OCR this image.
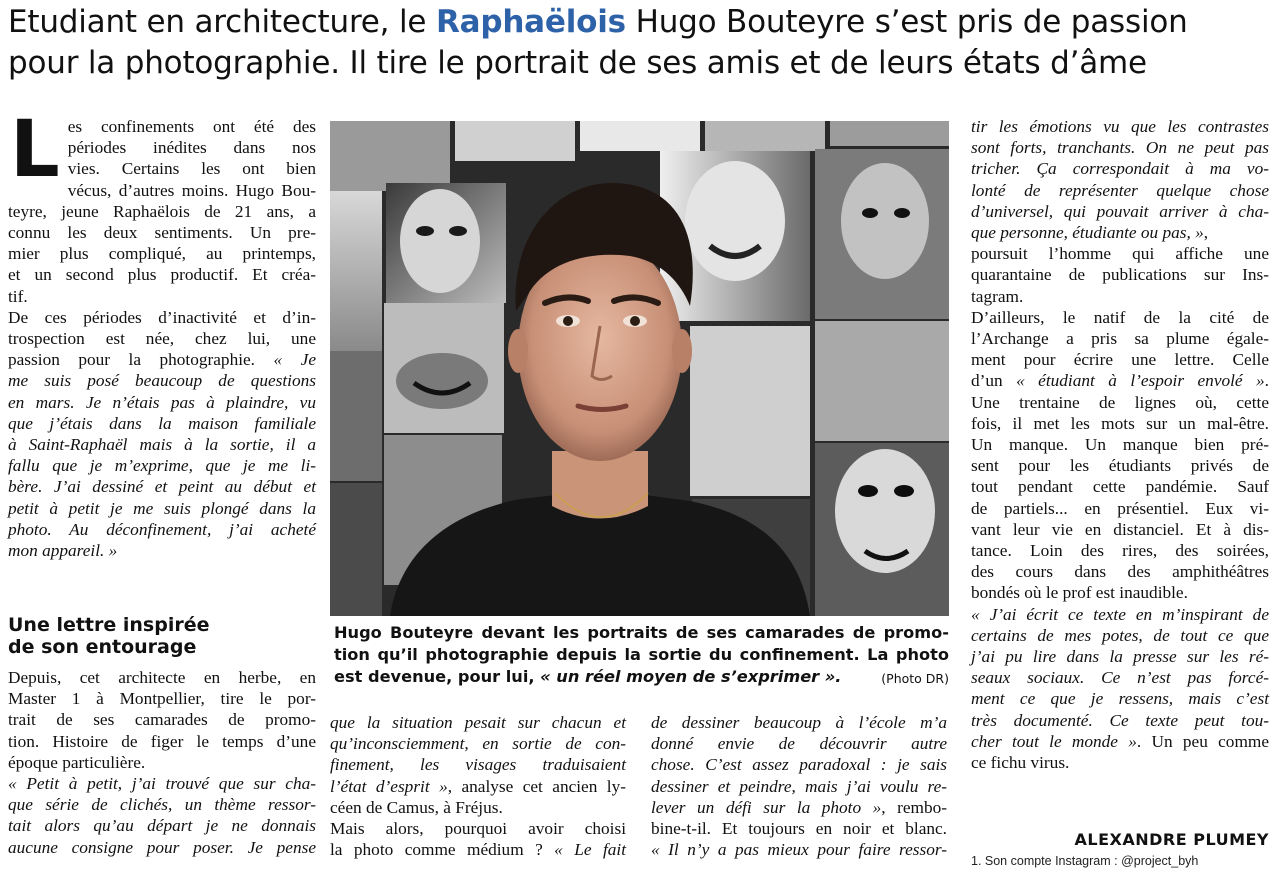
Etudiant en architecture, le Raphaëlois Hugo Bouteyre s’est pris de passion
pour la photographie. Il tire le portrait de ses amis et de leurs états d’âme
L es confinements ont été des
périodes inédites dans nos
vies. Certains les ont bien
vécus, d’autres moins. Hugo Bou-
teyre, jeune Raphaëlois de 21 ans, a
connu les deux sentiments. Un pre-
mier plus compliqué, au printemps,
et un second plus productif. Et créa-
tif.
De ces périodes d’inactivité et d’in-
trospection est née, chez lui, une
passion pour la photographie. « Je
me suis posé beaucoup de questions
en mars. Je n’étais pas à plaindre, vu
que j’étais dans la maison familiale
à Saint-Raphaël mais à la sortie, il a
fallu que je m’exprime, que je me li-
bère. J’ai dessiné et peint au début et
petit à petit je me suis plongé dans la
photo. Au déconfinement, j’ai acheté
mon appareil. »
Une lettre inspirée
de son entourage
Depuis, cet architecte en herbe, en
Master 1 à Montpellier, tire le por-
trait de ses camarades de promo-
tion. Histoire de figer le temps d’une
époque particulière.
« Petit à petit, j’ai trouvé que sur cha-
que série de clichés, un thème ressor-
tait alors qu’au départ je ne donnais
aucune consigne pour poser. Je pense
Hugo Bouteyre devant les portraits de ses camarades de promo-
tion qu’il photographie depuis la sortie du confinement. La photo
est devenue, pour lui, « un réel moyen de s’exprimer ».	(Photo DR)
que la situation pesait sur chacun et
qu’inconsciemment, en sortie de con-
finement, les visages traduisaient
l’état d’esprit », analyse cet ancien ly-
céen de Camus, à Fréjus.
Mais alors, pourquoi avoir choisi
la photo comme médium ? « Le fait
de dessiner beaucoup à l’école m’a
donné envie de découvrir autre
chose. C’est assez paradoxal : je sais
dessiner et peindre, mais j’ai voulu re-
lever un défi sur la photo », rembo-
bine-t-il. Et toujours en noir et blanc.
« Il n’y a pas mieux pour faire ressor-
tir les émotions vu que les contrastes
sont forts, tranchants. On ne peut pas
tricher. Ça correspondait à ma vo-
lonté de représenter quelque chose
d’universel, qui pouvait arriver à cha-
que personne, étudiante ou pas, »,
poursuit l’homme qui affiche une
quarantaine de publications sur Ins-
tagram.
D’ailleurs, le natif de la cité de
l’Archange a pris sa plume égale-
ment pour écrire une lettre. Celle
d’un « étudiant à l’espoir envolé ».
Une trentaine de lignes où, cette
fois, il met les mots sur un mal-être.
Un manque. Un manque bien pré-
sent pour les étudiants privés de
tout pendant cette pandémie. Sauf
de partiels... en présentiel. Eux vi-
vant leur vie en distanciel. Et à dis-
tance. Loin des rires, des soirées,
des cours dans des amphithéâtres
bondés où le prof est inaudible.
« J’ai écrit ce texte en m’inspirant de
certains de mes potes, de tout ce que
j’ai pu lire dans la presse sur les ré-
seaux sociaux. Ce n’est pas forcé-
ment ce que je ressens, mais c’est
très documenté. Ce texte peut tou-
cher tout le monde ». Un peu comme
ce fichu virus.
ALEXANDRE PLUMEY
1. Son compte Instagram : @project_byh
